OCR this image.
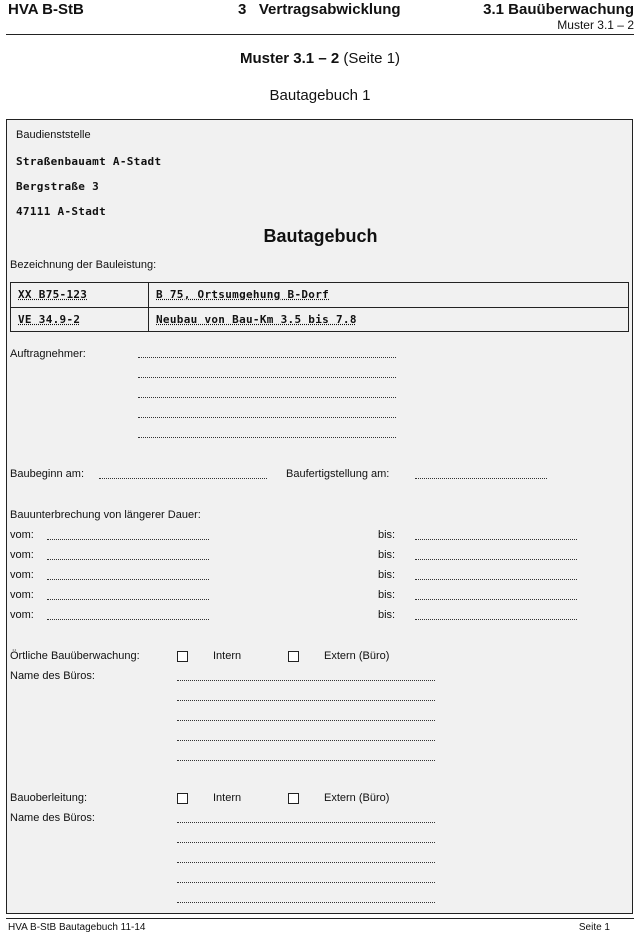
HVA B-StB	3   Vertragsabwicklung	3.1 Bauüberwachung
Muster 3.1 – 2
Muster 3.1 – 2 (Seite 1)
Bautagebuch 1
Baudienststelle
Straßenbauamt A-Stadt
Bergstraße 3
47111 A-Stadt
Bautagebuch
Bezeichnung der Bauleistung:
XX B75-123	B 75, Ortsumgehung B-Dorf
VE 34.9-2	Neubau von Bau-Km 3.5 bis 7.8
Auftragnehmer:
Baubeginn am:	Baufertigstellung am:
Bauunterbrechung von längerer Dauer:
vom:	bis:
vom:	bis:
vom:	bis:
vom:	bis:
vom:	bis:
Örtliche Bauüberwachung:	Intern	Extern (Büro)
Name des Büros:
Bauoberleitung:	Intern	Extern (Büro)
Name des Büros:
HVA B-StB Bautagebuch 11-14	Seite 1
